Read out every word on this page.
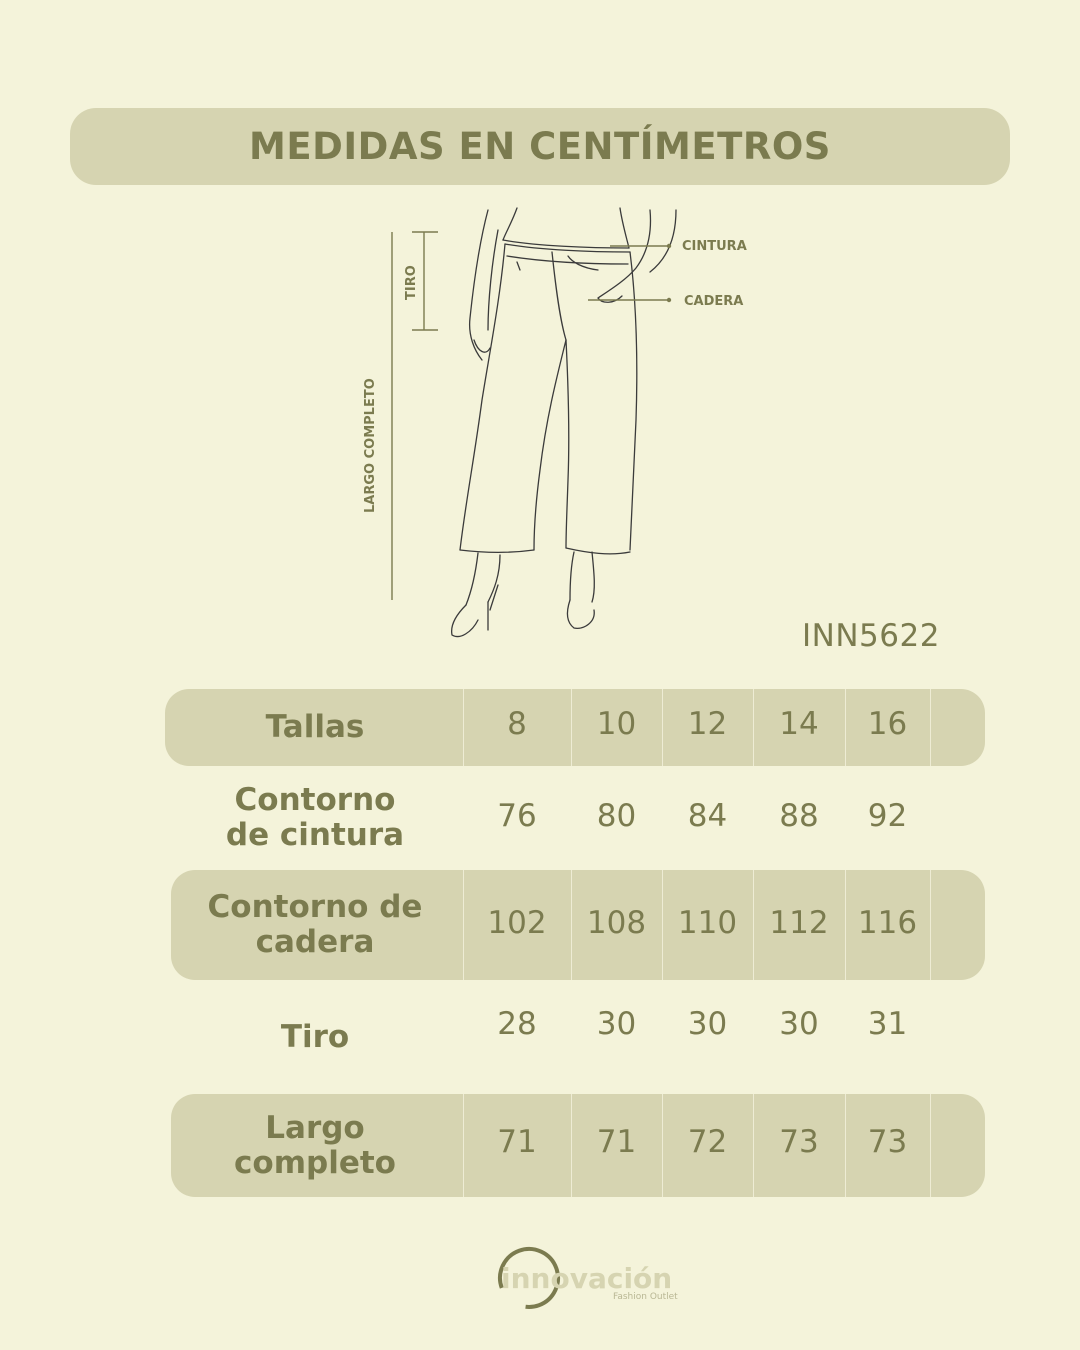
MEDIDAS EN CENTÍMETROS
CINTURA
CADERA
TIRO
LARGO COMPLETO
INN5622
Tallas	8	10	12	14	16
Contorno
de cintura
76	80	84	88	92
Contorno de
cadera
102	108	110	112 116
Tiro	28	30	30	30	31
Largo
completo
71	71	72	73	73
innovación
Fashion Outlet
